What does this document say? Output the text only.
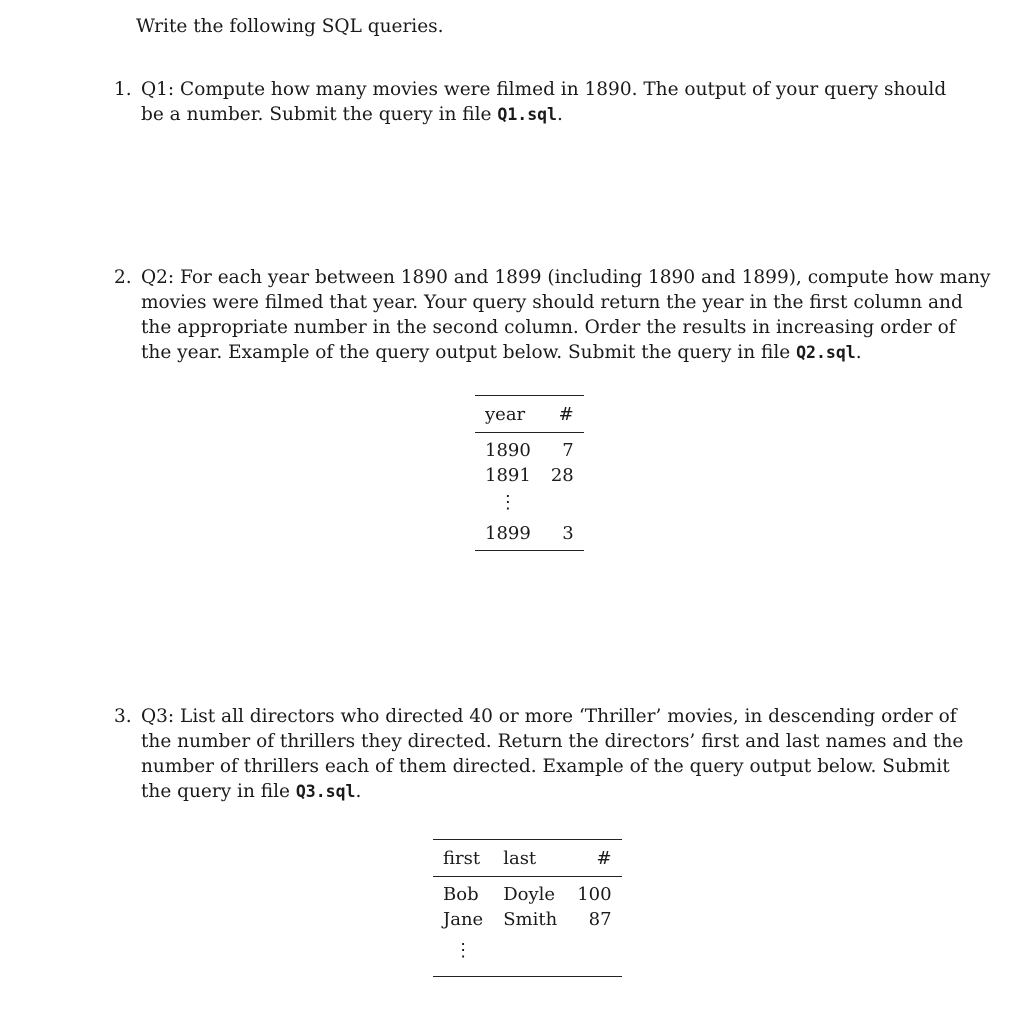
Write the following SQL queries.
1. Q1: Compute how many movies were filmed in 1890. The output of your query should
be a number. Submit the query in file Q1.sql.
2. Q2: For each year between 1890 and 1899 (including 1890 and 1899), compute how many
movies were filmed that year. Your query should return the year in the first column and
the appropriate number in the second column. Order the results in increasing order of
the year. Example of the query output below. Submit the query in file Q2.sql.
year	#
1890	7
1891	28
⋮	
1899	3
3. Q3: List all directors who directed 40 or more ‘Thriller’ movies, in descending order of
the number of thrillers they directed. Return the directors’ first and last names and the
number of thrillers each of them directed. Example of the query output below. Submit
the query in file Q3.sql.
first	last	#
Bob	Doyle	100
Jane	Smith	87
⋮		
